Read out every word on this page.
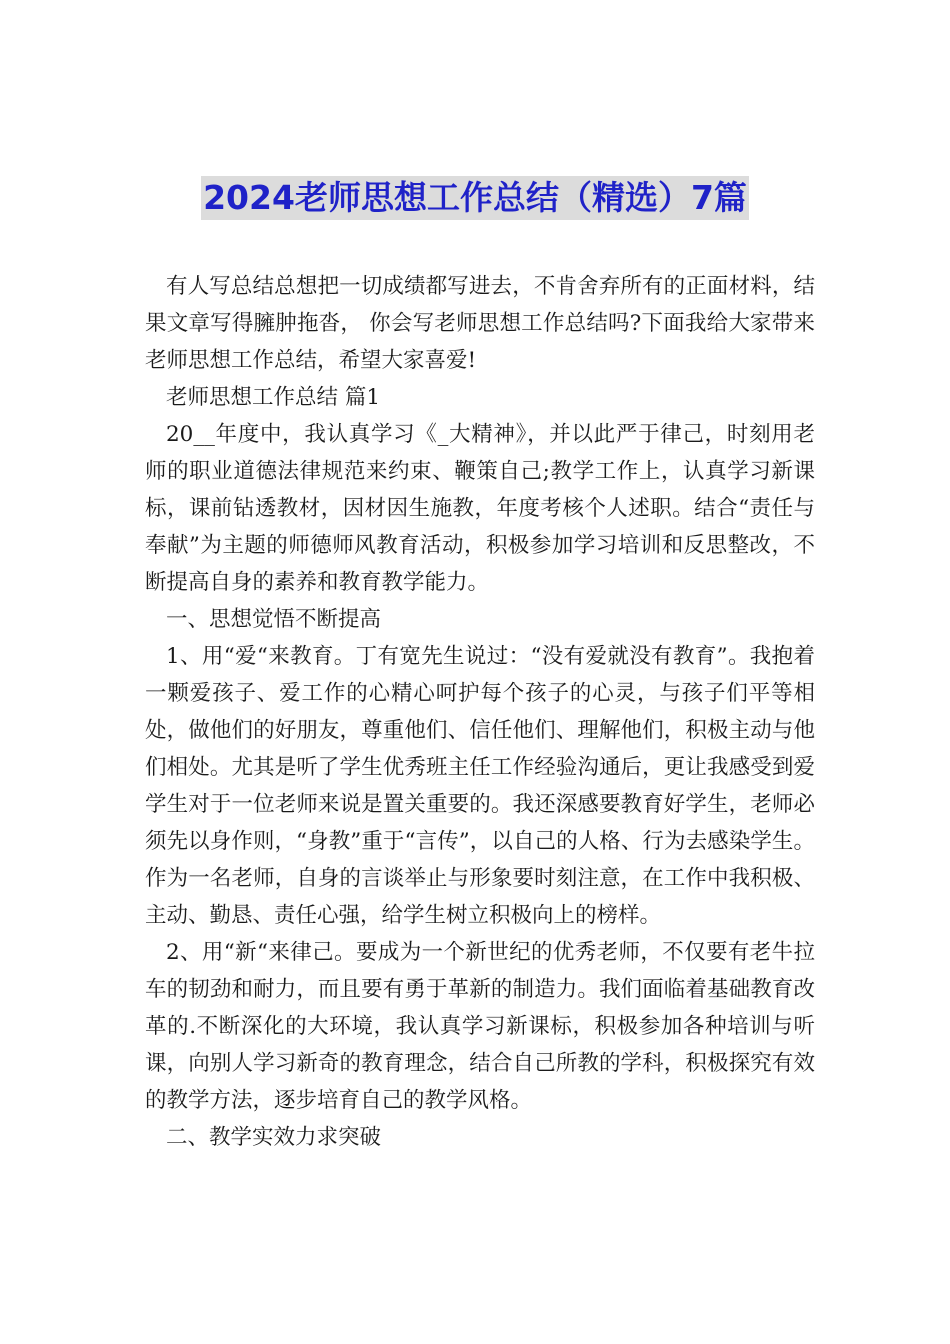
2024老师思想工作总结（精选）7篇

有人写总结总想把一切成绩都写进去，不肯舍弃所有的正面材料，结果文章写得臃肿拖沓， 你会写老师思想工作总结吗?下面我给大家带来老师思想工作总结，希望大家喜爱!

老师思想工作总结 篇1

20__年度中，我认真学习《_大精神》，并以此严于律己，时刻用老师的职业道德法律规范来约束、鞭策自己;教学工作上，认真学习新课标，课前钻透教材，因材因生施教，年度考核个人述职。结合“责任与奉献”为主题的师德师风教育活动，积极参加学习培训和反思整改，不断提高自身的素养和教育教学能力。

一、思想觉悟不断提高

1、用“爱“来教育。丁有宽先生说过：“没有爱就没有教育”。我抱着一颗爱孩子、爱工作的心精心呵护每个孩子的心灵，与孩子们平等相处，做他们的好朋友，尊重他们、信任他们、理解他们，积极主动与他们相处。尤其是听了学生优秀班主任工作经验沟通后，更让我感受到爱学生对于一位老师来说是置关重要的。我还深感要教育好学生，老师必须先以身作则，“身教”重于“言传”，以自己的人格、行为去感染学生。作为一名老师，自身的言谈举止与形象要时刻注意，在工作中我积极、主动、勤恳、责任心强，给学生树立积极向上的榜样。

2、用“新“来律己。要成为一个新世纪的优秀老师，不仅要有老牛拉车的韧劲和耐力，而且要有勇于革新的制造力。我们面临着基础教育改革的.不断深化的大环境，我认真学习新课标，积极参加各种培训与听课，向别人学习新奇的教育理念，结合自己所教的学科，积极探究有效的教学方法，逐步培育自己的教学风格。

二、教学实效力求突破
